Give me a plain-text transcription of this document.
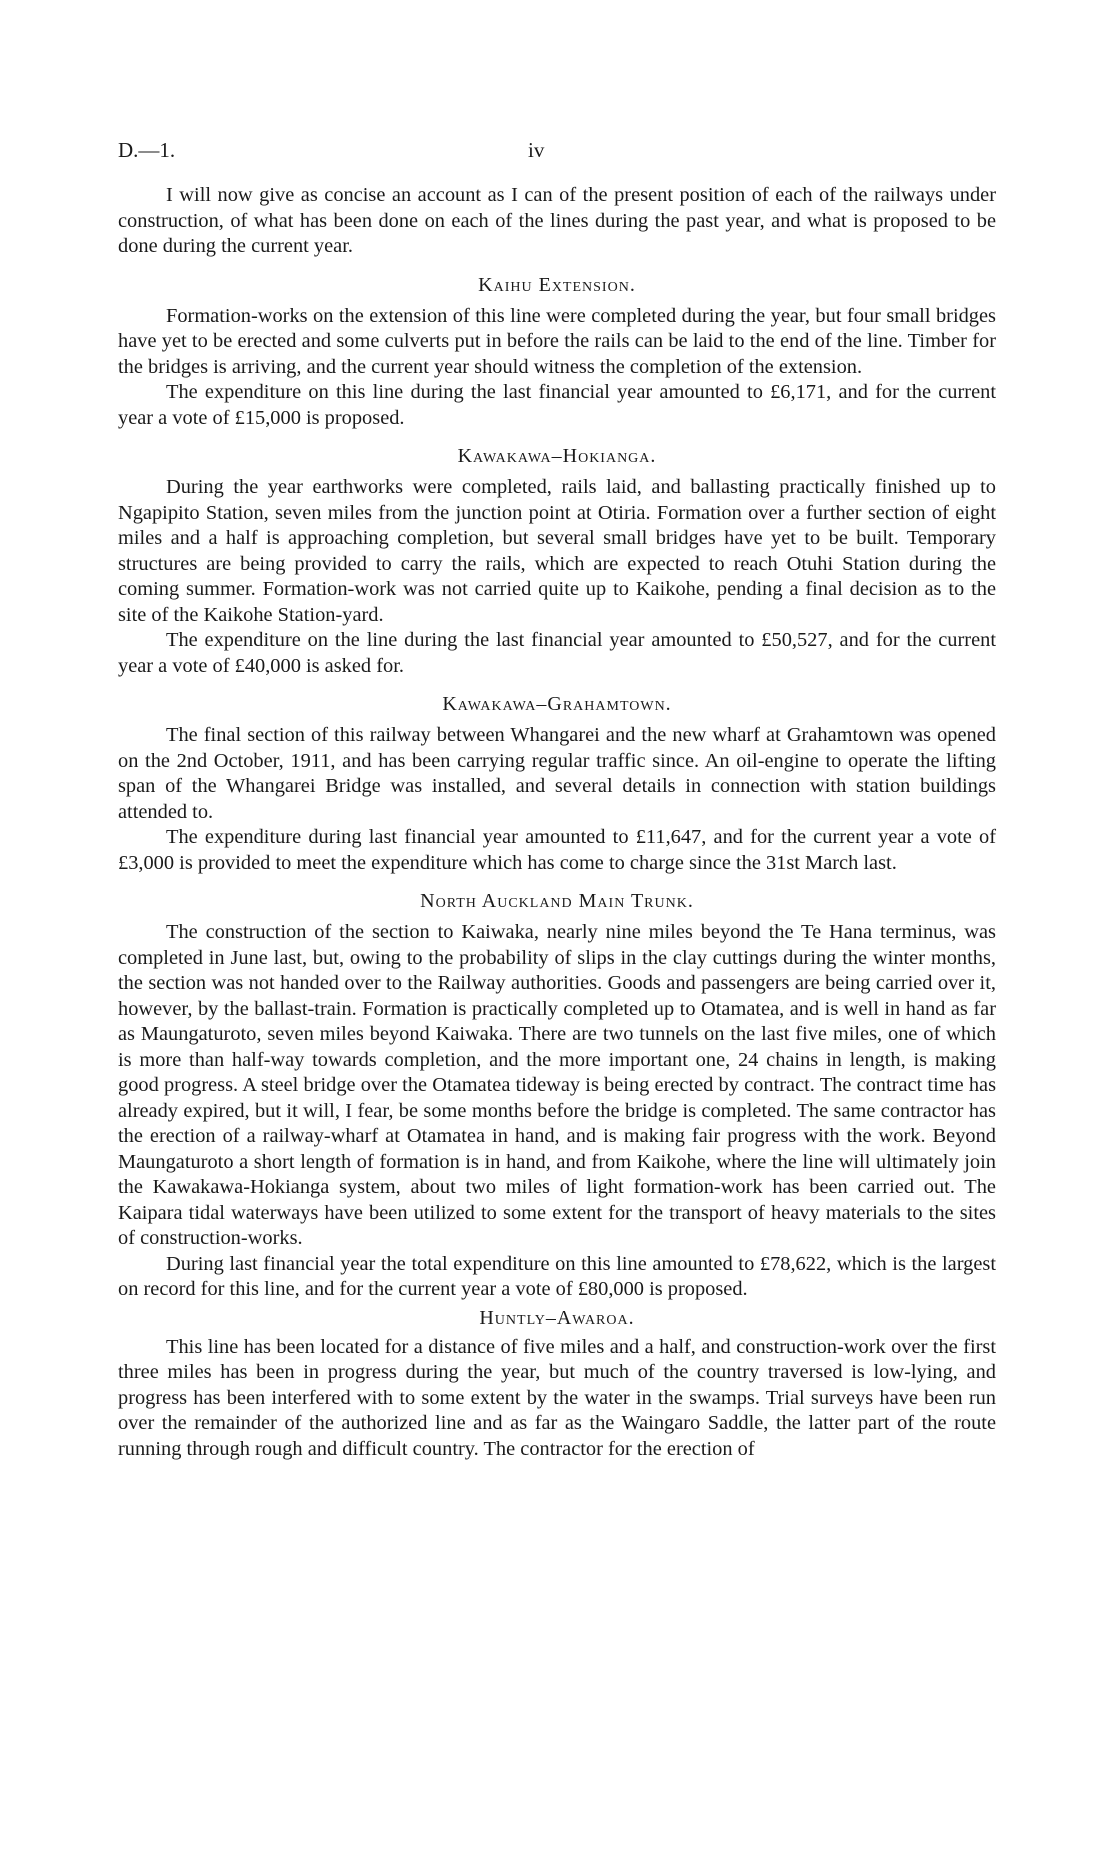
D.—1.	iv

I will now give as concise an account as I can of the present position of each of the railways under construction, of what has been done on each of the lines during the past year, and what is proposed to be done during the current year.

Kaihu Extension.

Formation-works on the extension of this line were completed during the year, but four small bridges have yet to be erected and some culverts put in before the rails can be laid to the end of the line. Timber for the bridges is arriving, and the current year should witness the completion of the extension.

The expenditure on this line during the last financial year amounted to £6,171, and for the current year a vote of £15,000 is proposed.

Kawakawa–Hokianga.

During the year earthworks were completed, rails laid, and ballasting practically finished up to Ngapipito Station, seven miles from the junction point at Otiria. Formation over a further section of eight miles and a half is approaching completion, but several small bridges have yet to be built. Temporary structures are being provided to carry the rails, which are expected to reach Otuhi Station during the coming summer. Formation-work was not carried quite up to Kaikohe, pending a final decision as to the site of the Kaikohe Station-yard.

The expenditure on the line during the last financial year amounted to £50,527, and for the current year a vote of £40,000 is asked for.

Kawakawa–Grahamtown.

The final section of this railway between Whangarei and the new wharf at Grahamtown was opened on the 2nd October, 1911, and has been carrying regular traffic since. An oil-engine to operate the lifting span of the Whangarei Bridge was installed, and several details in connection with station buildings attended to.

The expenditure during last financial year amounted to £11,647, and for the current year a vote of £3,000 is provided to meet the expenditure which has come to charge since the 31st March last.

North Auckland Main Trunk.

The construction of the section to Kaiwaka, nearly nine miles beyond the Te Hana terminus, was completed in June last, but, owing to the probability of slips in the clay cuttings during the winter months, the section was not handed over to the Railway authorities. Goods and passengers are being carried over it, however, by the ballast-train. Formation is practically completed up to Otamatea, and is well in hand as far as Maungaturoto, seven miles beyond Kaiwaka. There are two tunnels on the last five miles, one of which is more than half-way towards completion, and the more important one, 24 chains in length, is making good progress. A steel bridge over the Otamatea tideway is being erected by contract. The contract time has already expired, but it will, I fear, be some months before the bridge is completed. The same contractor has the erection of a railway-wharf at Otamatea in hand, and is making fair progress with the work. Beyond Maungaturoto a short length of formation is in hand, and from Kaikohe, where the line will ultimately join the Kawakawa-Hokianga system, about two miles of light formation-work has been carried out. The Kaipara tidal waterways have been utilized to some extent for the transport of heavy materials to the sites of construction-works.

During last financial year the total expenditure on this line amounted to £78,622, which is the largest on record for this line, and for the current year a vote of £80,000 is proposed.

Huntly–Awaroa.

This line has been located for a distance of five miles and a half, and construction-work over the first three miles has been in progress during the year, but much of the country traversed is low-lying, and progress has been interfered with to some extent by the water in the swamps. Trial surveys have been run over the remainder of the authorized line and as far as the Waingaro Saddle, the latter part of the route running through rough and difficult country. The contractor for the erection of
